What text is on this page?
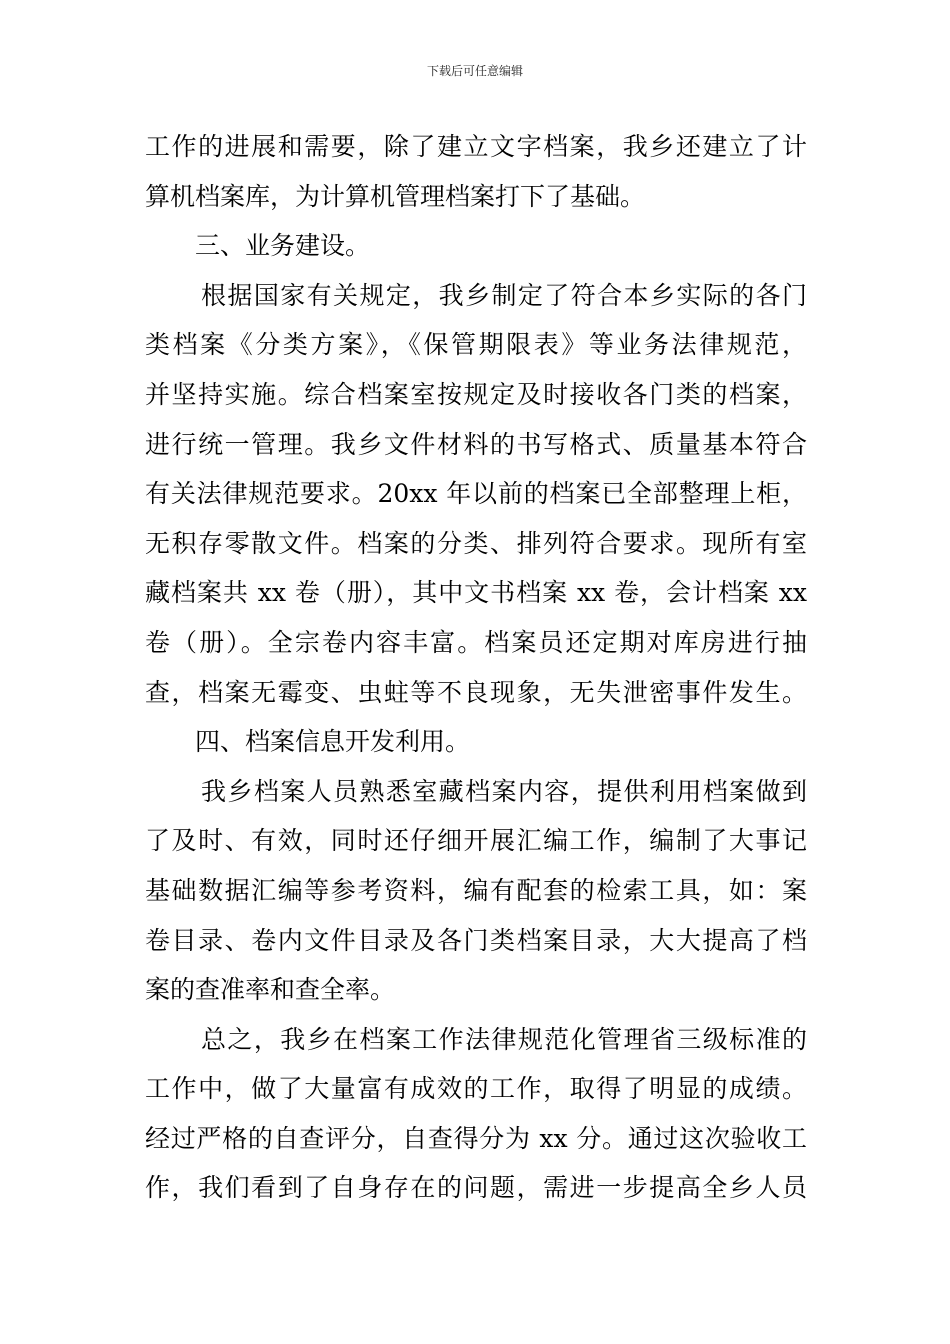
下载后可任意编辑
工作的进展和需要，除了建立文字档案，我乡还建立了计
算机档案库，为计算机管理档案打下了基础。
三、业务建设。
根据国家有关规定，我乡制定了符合本乡实际的各门
类档案《分类方案》，《保管期限表》等业务法律规范，
并坚持实施。综合档案室按规定及时接收各门类的档案，
进行统一管理。我乡文件材料的书写格式、质量基本符合
有关法律规范要求。20xx 年以前的档案已全部整理上柜，
无积存零散文件。档案的分类、排列符合要求。现所有室
藏档案共 xx 卷（册），其中文书档案 xx 卷，会计档案 xx
卷（册）。全宗卷内容丰富。档案员还定期对库房进行抽
查，档案无霉变、虫蛀等不良现象，无失泄密事件发生。
四、档案信息开发利用。
我乡档案人员熟悉室藏档案内容，提供利用档案做到
了及时、有效，同时还仔细开展汇编工作，编制了大事记
基础数据汇编等参考资料，编有配套的检索工具，如：案
卷目录、卷内文件目录及各门类档案目录，大大提高了档
案的查准率和查全率。
总之，我乡在档案工作法律规范化管理省三级标准的
工作中，做了大量富有成效的工作，取得了明显的成绩。
经过严格的自查评分，自查得分为 xx 分。通过这次验收工
作，我们看到了自身存在的问题，需进一步提高全乡人员
